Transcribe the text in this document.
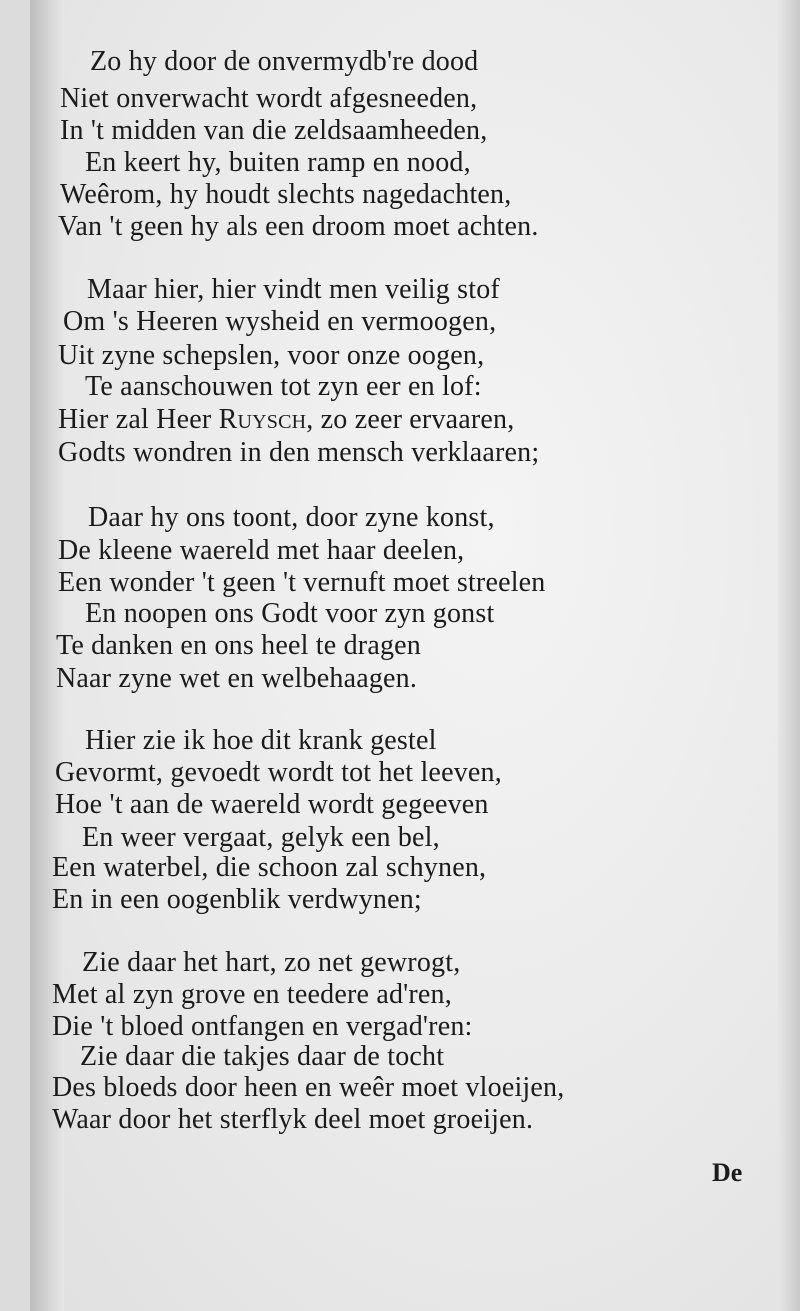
Zo hy door de onvermydb're dood
Niet onverwacht wordt afgesneeden,
In 't midden van die zeldsaamheeden,
En keert hy, buiten ramp en nood,
Weêrom, hy houdt slechts nagedachten,
Van 't geen hy als een droom moet achten.
Maar hier, hier vindt men veilig stof
Om 's Heeren wysheid en vermoogen,
Uit zyne schepslen, voor onze oogen,
Te aanschouwen tot zyn eer en lof:
Hier zal Heer Ruysch, zo zeer ervaaren,
Godts wondren in den mensch verklaaren;
Daar hy ons toont, door zyne konst,
De kleene waereld met haar deelen,
Een wonder 't geen 't vernuft moet streelen
En noopen ons Godt voor zyn gonst
Te danken en ons heel te dragen
Naar zyne wet en welbehaagen.
Hier zie ik hoe dit krank gestel
Gevormt, gevoedt wordt tot het leeven,
Hoe 't aan de waereld wordt gegeeven
En weer vergaat, gelyk een bel,
Een waterbel, die schoon zal schynen,
En in een oogenblik verdwynen;
Zie daar het hart, zo net gewrogt,
Met al zyn grove en teedere ad'ren,
Die 't bloed ontfangen en vergad'ren:
Zie daar die takjes daar de tocht
Des bloeds door heen en weêr moet vloeijen,
Waar door het sterflyk deel moet groeijen.
De
